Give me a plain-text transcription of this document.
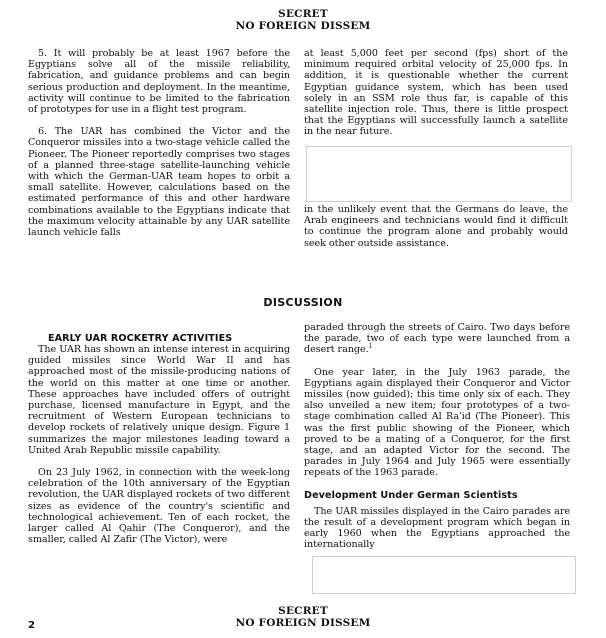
SECRET
NO FOREIGN DISSEM

5. It will probably be at least 1967 before the Egyptians solve all of the missile reliability, fabrication, and guidance problems and can begin serious production and deployment. In the meantime, activity will continue to be limited to the fabrication of prototypes for use in a flight test program.

6. The UAR has combined the Victor and the Conqueror missiles into a two-stage vehicle called the Pioneer. The Pioneer reportedly comprises two stages of a planned three-stage satellite-launching vehicle with which the German-UAR team hopes to orbit a small satellite. However, calculations based on the estimated performance of this and other hardware combinations available to the Egyptians indicate that the maximum velocity attainable by any UAR satellite launch vehicle falls

at least 5,000 feet per second (fps) short of the minimum required orbital velocity of 25,000 fps. In addition, it is questionable whether the current Egyptian guidance system, which has been used solely in an SSM role thus far, is capable of this satellite injection role. Thus, there is little prospect that the Egyptians will successfully launch a satellite in the near future.

in the unlikely event that the Germans do leave, the Arab engineers and technicians would find it difficult to continue the program alone and probably would seek other outside assistance.

DISCUSSION
EARLY UAR ROCKETRY ACTIVITIES

The UAR has shown an intense interest in acquiring guided missiles since World War II and has approached most of the missile-producing nations of the world on this matter at one time or another. These approaches have included offers of outright purchase, licensed manufacture in Egypt, and the recruitment of Western European technicians to develop rockets of relatively unique design. Figure 1 summarizes the major milestones leading toward a United Arab Republic missile capability.

On 23 July 1962, in connection with the week-long celebration of the 10th anniversary of the Egyptian revolution, the UAR displayed rockets of two different sizes as evidence of the country's scientific and technological achievement. Ten of each rocket, the larger called Al Qahir (The Conqueror), and the smaller, called Al Zafir (The Victor), were

paraded through the streets of Cairo. Two days before the parade, two of each type were launched from a desert range.$^1$

One year later, in the July 1963 parade, the Egyptians again displayed their Conqueror and Victor missiles (now guided); this time only six of each. They also unveiled a new item; four prototypes of a two-stage combination called Al Ra'id (The Pioneer). This was the first public showing of the Pioneer, which proved to be a mating of a Conqueror, for the first stage, and an adapted Victor for the second. The parades in July 1964 and July 1965 were essentially repeats of the 1963 parade.

Development Under German Scientists

The UAR missiles displayed in the Cairo parades are the result of a development program which began in early 1960 when the Egyptians approached the internationally

2
SECRET
NO FOREIGN DISSEM
